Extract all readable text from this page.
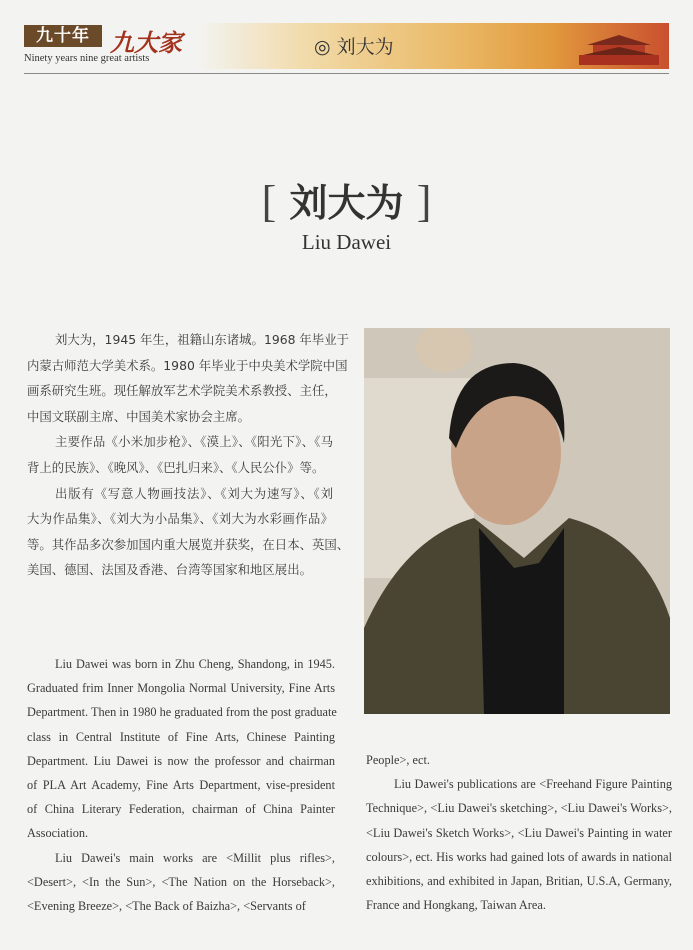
◎ 刘大为
九十年 九大家
Ninety years nine great artists
[ 刘大为 ]
Liu Dawei
刘大为，1945 年生，祖籍山东诸城。1968 年毕业于
内蒙古师范大学美术系。1980 年毕业于中央美术学院中国
画系研究生班。现任解放军艺术学院美术系教授、主任，
中国文联副主席、中国美术家协会主席。
主要作品《小米加步枪》、《漠上》、《阳光下》、《马
背上的民族》、《晚风》、《巴扎归来》、《人民公仆》等。
出版有《写意人物画技法》、《刘大为速写》、《刘
大为作品集》、《刘大为小品集》、《刘大为水彩画作品》
等。其作品多次参加国内重大展览并获奖，在日本、英国、
美国、德国、法国及香港、台湾等国家和地区展出。
Liu Dawei was born in Zhu Cheng, Shandong, in 1945.
Graduated frim Inner Mongolia Normal University, Fine Arts
Department. Then in 1980 he graduated from the post graduate
class in Central Institute of Fine Arts, Chinese Painting
Department. Liu Dawei is now the professor and chairman
of PLA Art Academy, Fine Arts Department, vise-president
of China Literary Federation, chairman of China Painter
Association.
Liu Dawei's main works are <Millit plus rifles>,
<Desert>, <In the Sun>, <The Nation on the Horseback>,
<Evening Breeze>, <The Back of Baizha>, <Servants of
People>, ect.
Liu Dawei's publications are <Freehand Figure Painting
Technique>, <Liu Dawei's sketching>, <Liu Dawei's Works>,
<Liu Dawei's Sketch Works>, <Liu Dawei's Painting in water
colours>, ect. His works had gained lots of awards in national
exhibitions, and exhibited in Japan, Britian, U.S.A, Germany,
France and Hongkang, Taiwan Area.
